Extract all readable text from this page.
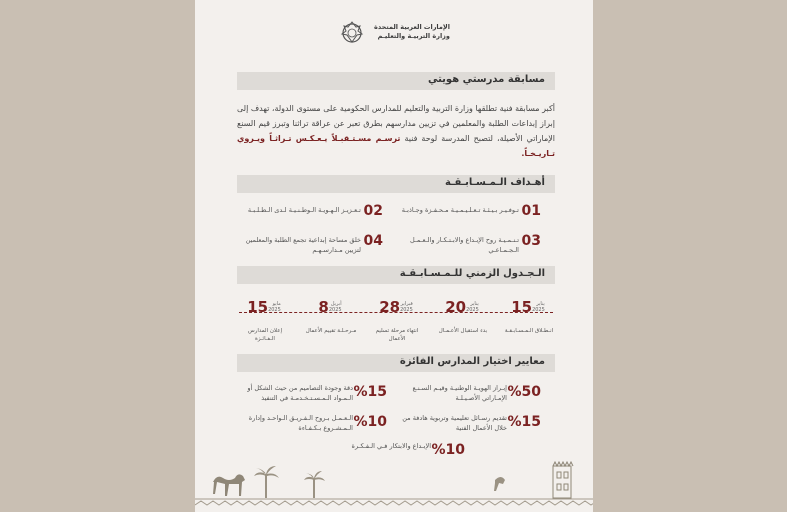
الإمارات العربية المتحدة
وزارة التربيـة والتعليـم
مسابقة مدرستي هويتي
أكبر مسابقة فنية تطلقها وزارة التربية والتعليم للمدارس الحكومية على مستوى الدولة، تهدف إلى إبراز إبداعات الطلبة والمعلمين في تزيين مدارسهم بطرق تعبر عن عراقة تراثنا وتبرز قيم السنع الإماراتي الأصيلة، لتصبح المدرسة لوحة فنية ترسـم مسـتـقبـلاً يـعـكـس تـراثـاً ويـروي تـاريـخـاً.
أهـداف الـمـسـابـقـة
01
تـوفـيـر بـيـئـة تـعـلـيـمـيـة مـحـفـزة وجـاذبـة
02
تـعـزيـز الـهـويـة الـوطـنـيـة لـدى الـطـلـبـة
03
تـنـمـيـة روح الإبـداع والابـتـكـار والـعـمـل الـجـمـاعـي
04
خلق مساحة إبداعية تجمع الطلبة والمعلمين لتزيين مـدارسـهـم
الـجـدول الزمني للـمـسـابـقـة
يناير
202515
انـطـلاق الـمـسـابـقـة
يناير
202520
بدء استقبال الأعـمـال
فبراير
202528
انتهاء مرحلة تسليم الأعمال
أبريل
20258
مـرحـلـة تقييم الأعمال
مايو
202515
إعلان المدارس الـفـائـزة
معايير اختيار المدارس الفائزة
%50
إبـراز الهويـة الوطنيـة وقيـم السـنـع الإمـاراتي الأصـيـلـة
%15
دقة وجودة التصاميم من حيث الشكل أو الـمـواد الـمـسـتـخـدمـة في التنفيذ
%15
تقديم رسـائل تعليمية وتربوية هادفة من خلال الأعمال الفنية
%10
الـعـمـل بـروح الـفـريـق الـواحـد وإدارة الـمـشـروع بـكـفـاءة
%10
الإبـداع والابتكار فـي الـفـكـرة
